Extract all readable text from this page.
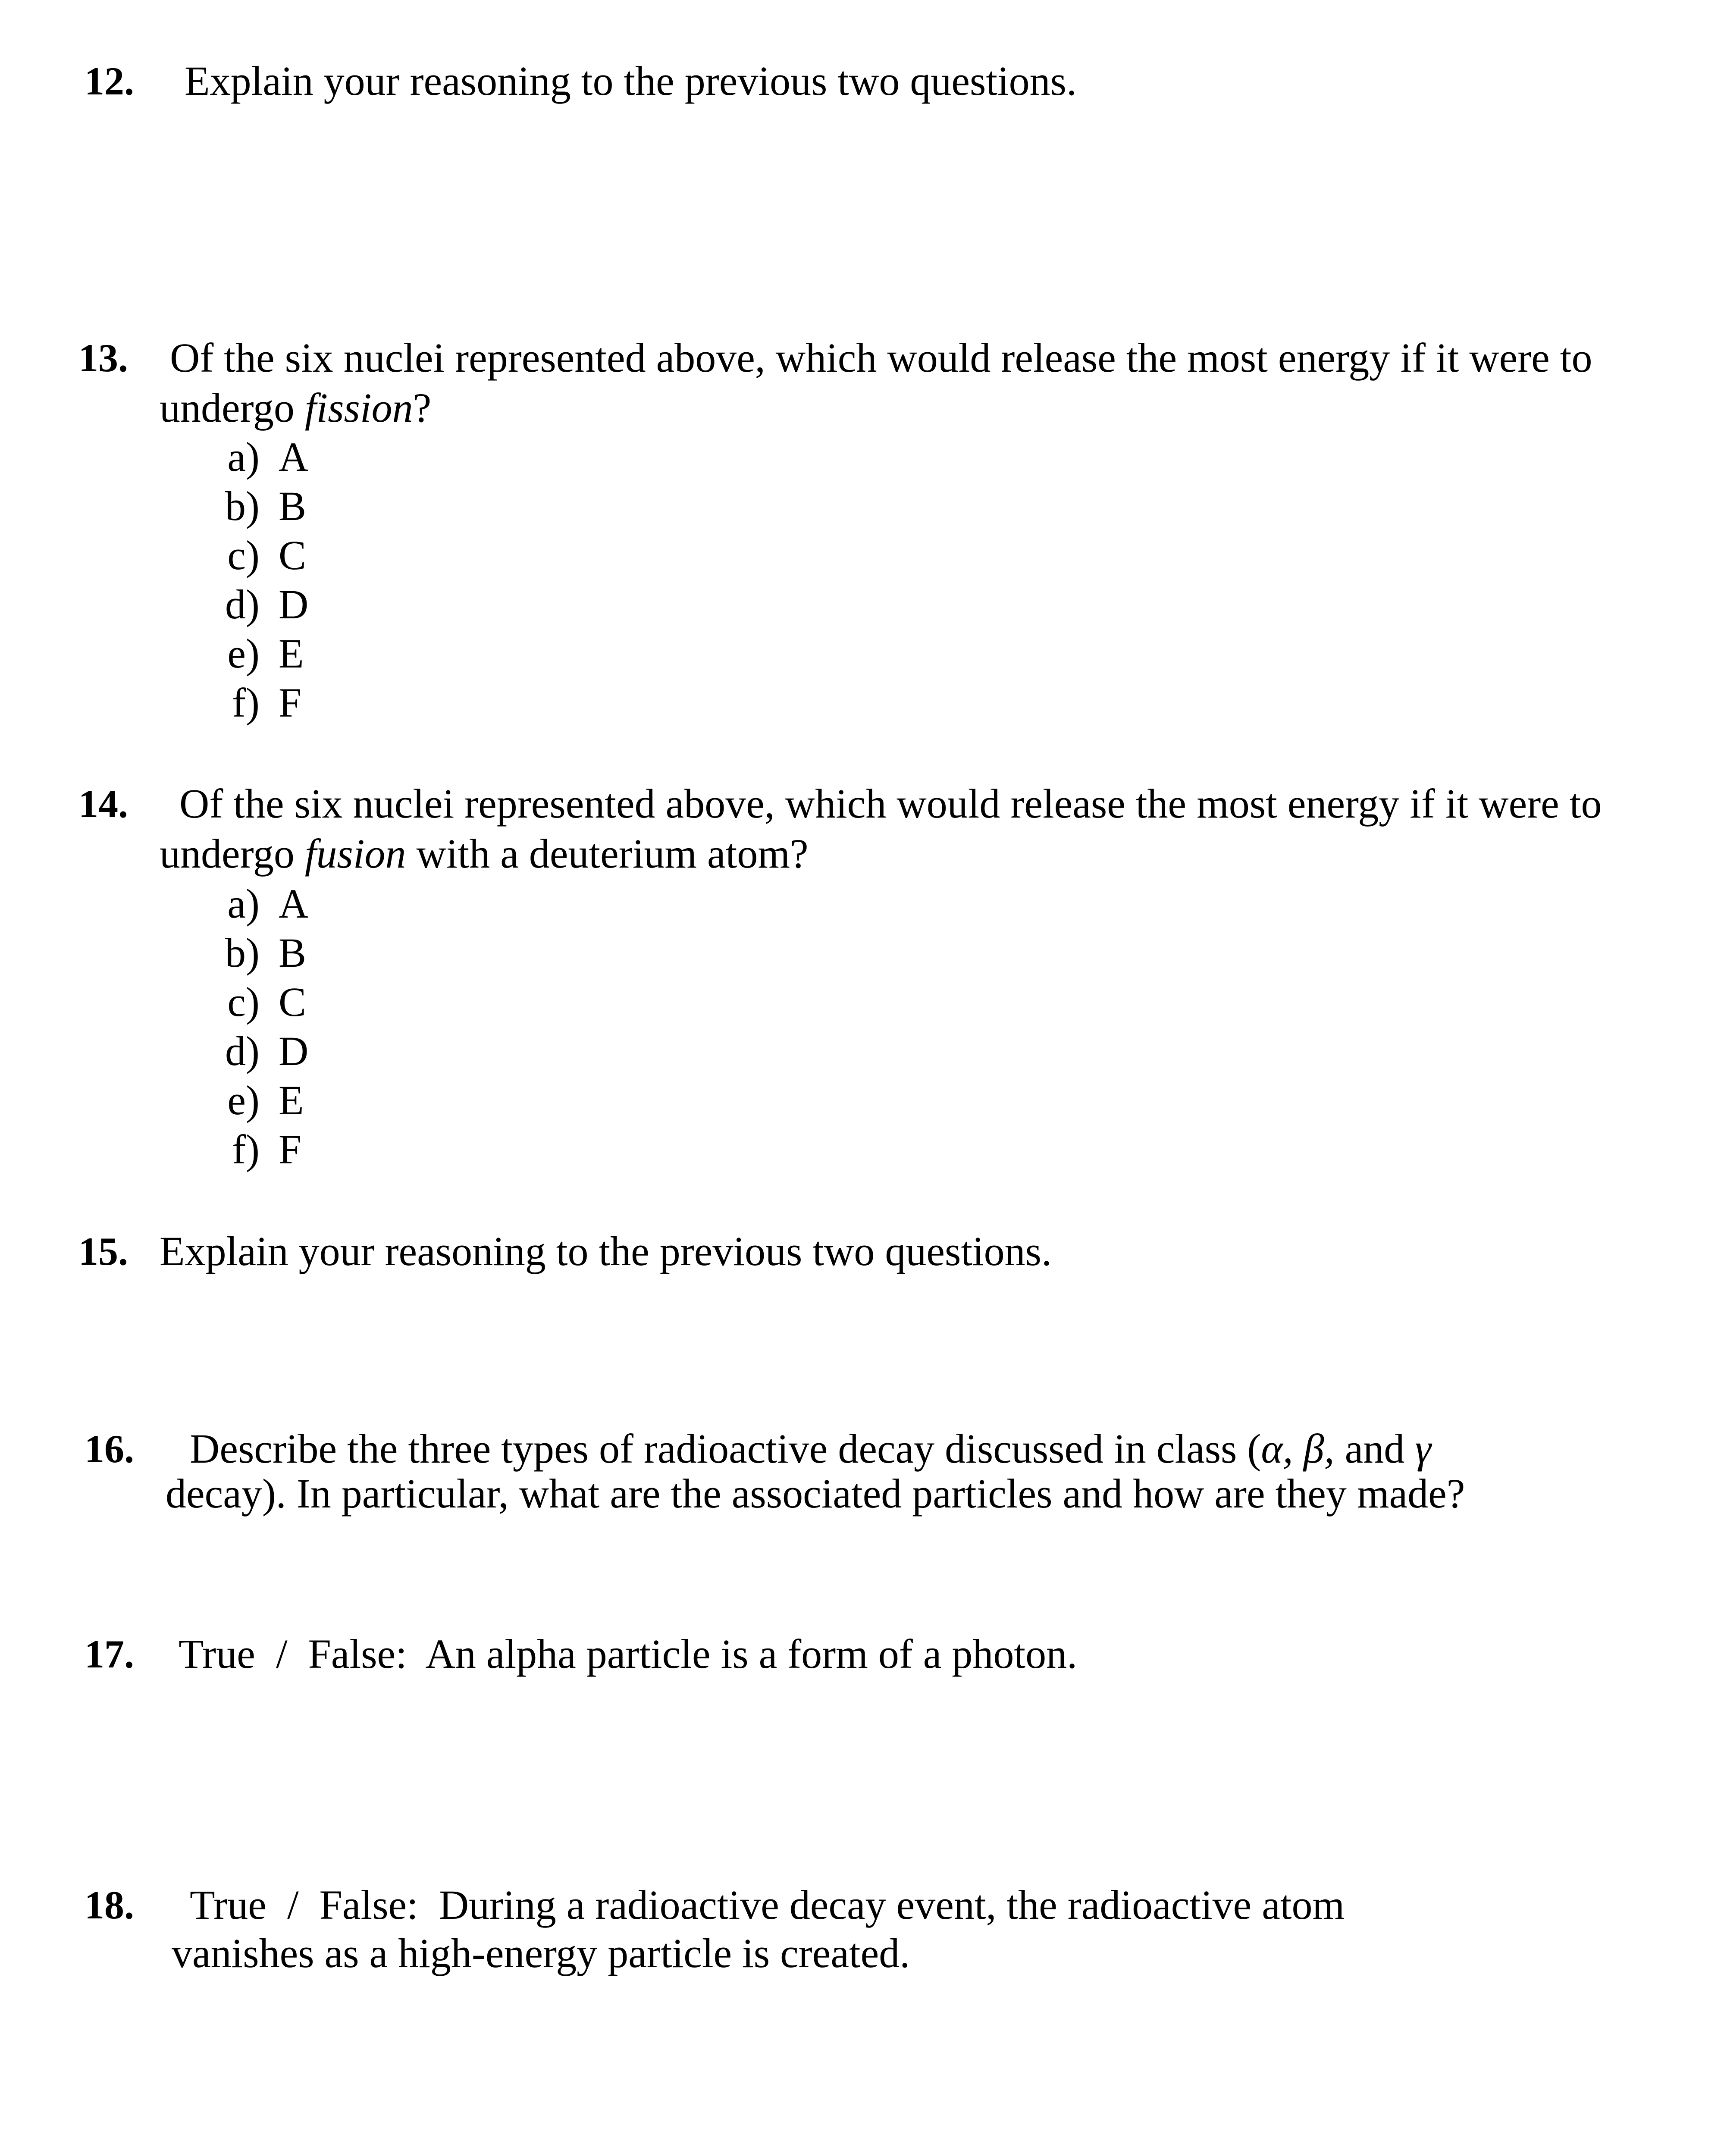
12. Explain your reasoning to the previous two questions.
13. Of the six nuclei represented above, which would release the most energy if it were to
undergo fission?
a) A
b) B
c) C
d) D
e) E
f) F
14. Of the six nuclei represented above, which would release the most energy if it were to
undergo fusion with a deuterium atom?
a) A
b) B
c) C
d) D
e) E
f) F
15. Explain your reasoning to the previous two questions.
16. Describe the three types of radioactive decay discussed in class (α, β, and γ
decay). In particular, what are the associated particles and how are they made?
17. True  /  False:  An alpha particle is a form of a photon.
18. True  /  False:  During a radioactive decay event, the radioactive atom
vanishes as a high-energy particle is created.
